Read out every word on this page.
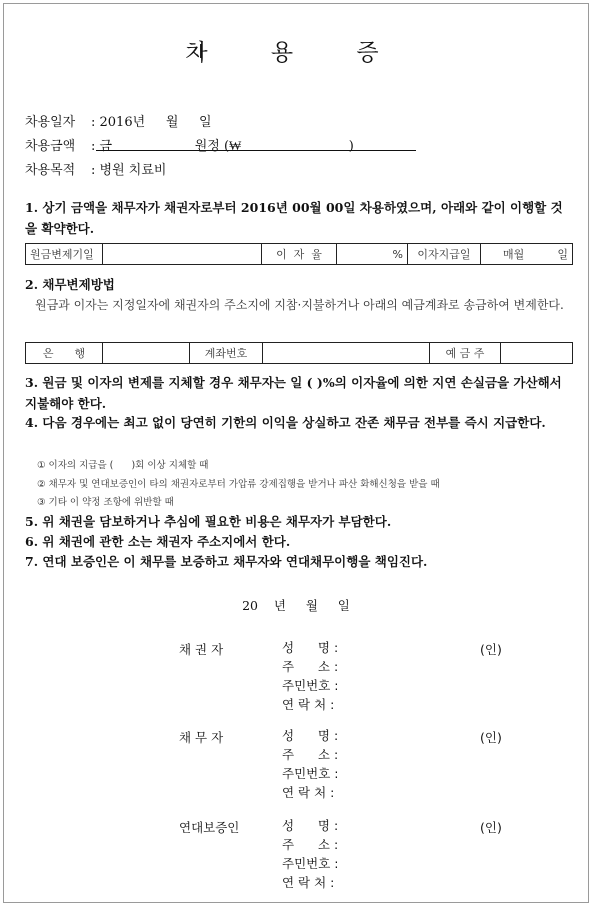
차 용 증
차용일자 : 2016년     월     일
차용금액 : 금                    원정 (₩                          )
차용목적 : 병원 치료비
1. 상기 금액을 채무자가 채권자로부터 2016년 00월 00일 차용하였으며, 아래와 같이 이행할 것을 확약한다.
원금변제기일		이  자  율	%	이자지급일	매월	일
2. 채무변제방법
원금과 이자는 지정일자에 채권자의 주소지에 지참·지불하거나 아래의 예금계좌로 송금하여 변제한다.
은      행		계좌번호		예 금 주	
3. 원금 및 이자의 변제를 지체할 경우 채무자는 일 ( )%의 이자율에 의한 지연 손실금을 가산해서 지불해야 한다.
4. 다음 경우에는 최고 없이 당연히 기한의 이익을 상실하고 잔존 채무금 전부를 즉시 지급한다.
① 이자의 지급을 (      )회 이상 지체할 때
② 채무자 및 연대보증인이 타의 채권자로부터 가압류 강제집행을 받거나 파산 화해신청을 받을 때
③ 기타 이 약정 조항에 위반할 때
5. 위 채권을 담보하거나 추심에 필요한 비용은 채무자가 부담한다.
6. 위 채권에 관한 소는 채권자 주소지에서 한다.
7. 연대 보증인은 이 채무를 보증하고 채무자와 연대채무이행을 책임진다.
20    년     월     일
채 권 자	성      명 :
주      소 :
주민번호 :
연 락 처 :
(인)
채 무 자	성      명 :
주      소 :
주민번호 :
연 락 처 :
(인)
연대보증인	성      명 :
주      소 :
주민번호 :
연 락 처 :
(인)
